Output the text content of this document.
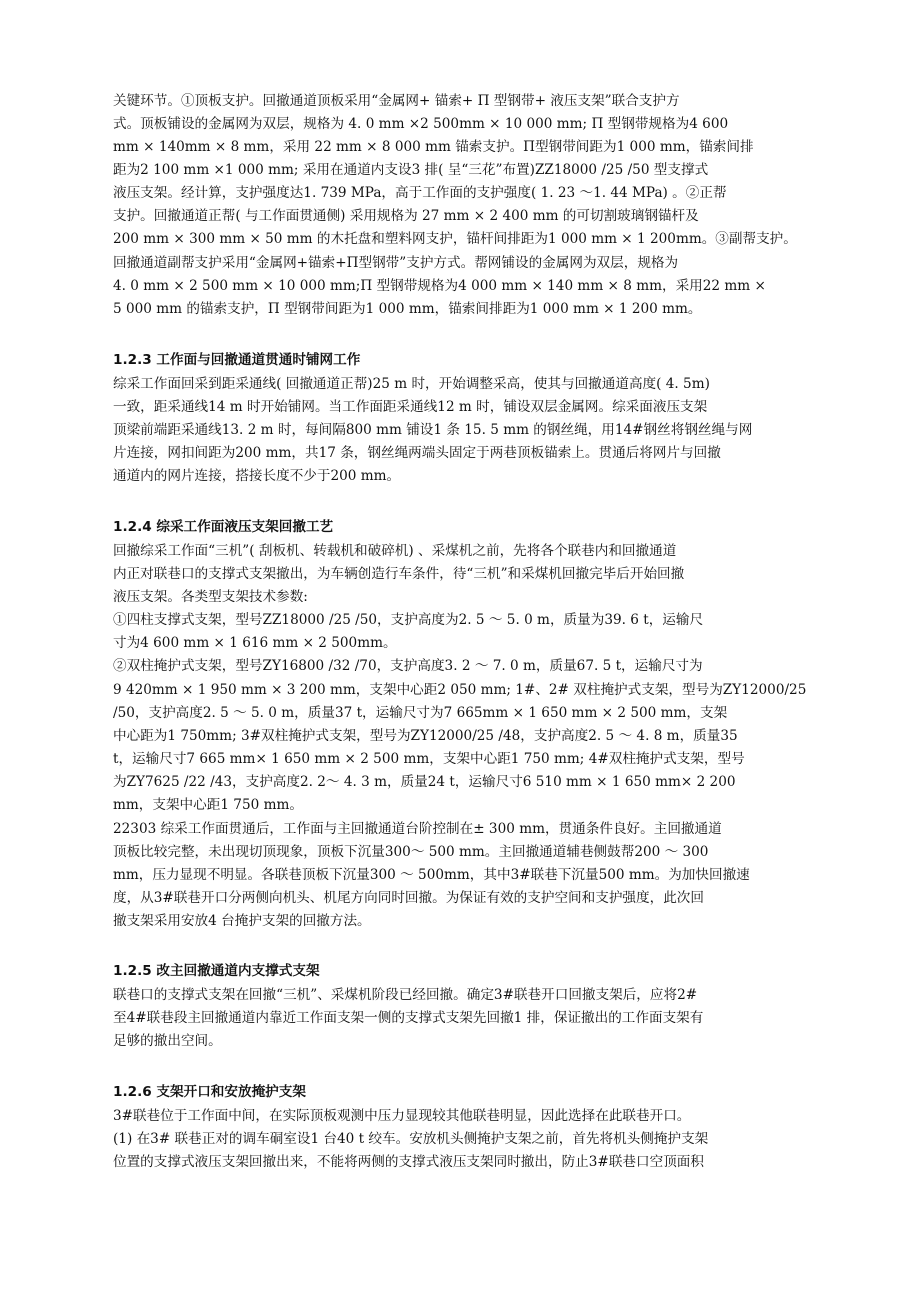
关键环节。①顶板支护。回撤通道顶板采用“金属网+ 锚索+ Π 型钢带+ 液压支架”联合支护方
式。顶板铺设的金属网为双层，规格为 4. 0 mm ×2 500mm × 10 000 mm; Π 型钢带规格为4 600
mm × 140mm × 8 mm，采用 22 mm × 8 000 mm 锚索支护。Π型钢带间距为1 000 mm，锚索间排
距为2 100 mm ×1 000 mm; 采用在通道内支设3 排( 呈“三花”布置)ZZ18000 /25 /50 型支撑式
液压支架。经计算，支护强度达1. 739 MPa，高于工作面的支护强度( 1. 23 ～1. 44 MPa) 。②正帮
支护。回撤通道正帮( 与工作面贯通侧) 采用规格为 27 mm × 2 400 mm 的可切割玻璃钢锚杆及
200 mm × 300 mm × 50 mm 的木托盘和塑料网支护，锚杆间排距为1 000 mm × 1 200mm。③副帮支护。
回撤通道副帮支护采用“金属网+锚索+Π型钢带”支护方式。帮网铺设的金属网为双层，规格为
4. 0 mm × 2 500 mm × 10 000 mm;Π 型钢带规格为4 000 mm × 140 mm × 8 mm，采用22 mm ×
5 000 mm 的锚索支护，Π 型钢带间距为1 000 mm，锚索间排距为1 000 mm × 1 200 mm。
1.2.3 工作面与回撤通道贯通时铺网工作
综采工作面回采到距采通线( 回撤通道正帮)25 m 时，开始调整采高，使其与回撤通道高度( 4. 5m)
一致，距采通线14 m 时开始铺网。当工作面距采通线12 m 时，铺设双层金属网。综采面液压支架
顶梁前端距采通线13. 2 m 时，每间隔800 mm 铺设1 条 15. 5 mm 的钢丝绳，用14#钢丝将钢丝绳与网
片连接，网扣间距为200 mm，共17 条，钢丝绳两端头固定于两巷顶板锚索上。贯通后将网片与回撤
通道内的网片连接，搭接长度不少于200 mm。
1.2.4 综采工作面液压支架回撤工艺
回撤综采工作面“三机”( 刮板机、转载机和破碎机) 、采煤机之前，先将各个联巷内和回撤通道
内正对联巷口的支撑式支架撤出，为车辆创造行车条件，待“三机”和采煤机回撤完毕后开始回撤
液压支架。各类型支架技术参数:
①四柱支撑式支架，型号ZZ18000 /25 /50，支护高度为2. 5 ～ 5. 0 m，质量为39. 6 t，运输尺
寸为4 600 mm × 1 616 mm × 2 500mm。
②双柱掩护式支架，型号ZY16800 /32 /70，支护高度3. 2 ～ 7. 0 m，质量67. 5 t，运输尺寸为
9 420mm × 1 950 mm × 3 200 mm，支架中心距2 050 mm; 1#、2# 双柱掩护式支架，型号为ZY12000/25
/50，支护高度2. 5 ～ 5. 0 m，质量37 t，运输尺寸为7 665mm × 1 650 mm × 2 500 mm，支架
中心距为1 750mm; 3#双柱掩护式支架，型号为ZY12000/25 /48，支护高度2. 5 ～ 4. 8 m，质量35
t，运输尺寸7 665 mm× 1 650 mm × 2 500 mm，支架中心距1 750 mm; 4#双柱掩护式支架，型号
为ZY7625 /22 /43，支护高度2. 2～ 4. 3 m，质量24 t，运输尺寸6 510 mm × 1 650 mm× 2 200
mm，支架中心距1 750 mm。
22303 综采工作面贯通后，工作面与主回撤通道台阶控制在± 300 mm，贯通条件良好。主回撤通道
顶板比较完整，未出现切顶现象，顶板下沉量300～ 500 mm。主回撤通道辅巷侧鼓帮200 ～ 300
mm，压力显现不明显。各联巷顶板下沉量300 ～ 500mm，其中3#联巷下沉量500 mm。为加快回撤速
度，从3#联巷开口分两侧向机头、机尾方向同时回撤。为保证有效的支护空间和支护强度，此次回
撤支架采用安放4 台掩护支架的回撤方法。
1.2.5 改主回撤通道内支撑式支架
联巷口的支撑式支架在回撤“三机”、采煤机阶段已经回撤。确定3#联巷开口回撤支架后，应将2#
至4#联巷段主回撤通道内靠近工作面支架一侧的支撑式支架先回撤1 排，保证撤出的工作面支架有
足够的撤出空间。
1.2.6 支架开口和安放掩护支架
3#联巷位于工作面中间，在实际顶板观测中压力显现较其他联巷明显，因此选择在此联巷开口。
(1) 在3# 联巷正对的调车硐室设1 台40 t 绞车。安放机头侧掩护支架之前，首先将机头侧掩护支架
位置的支撑式液压支架回撤出来，不能将两侧的支撑式液压支架同时撤出，防止3#联巷口空顶面积
